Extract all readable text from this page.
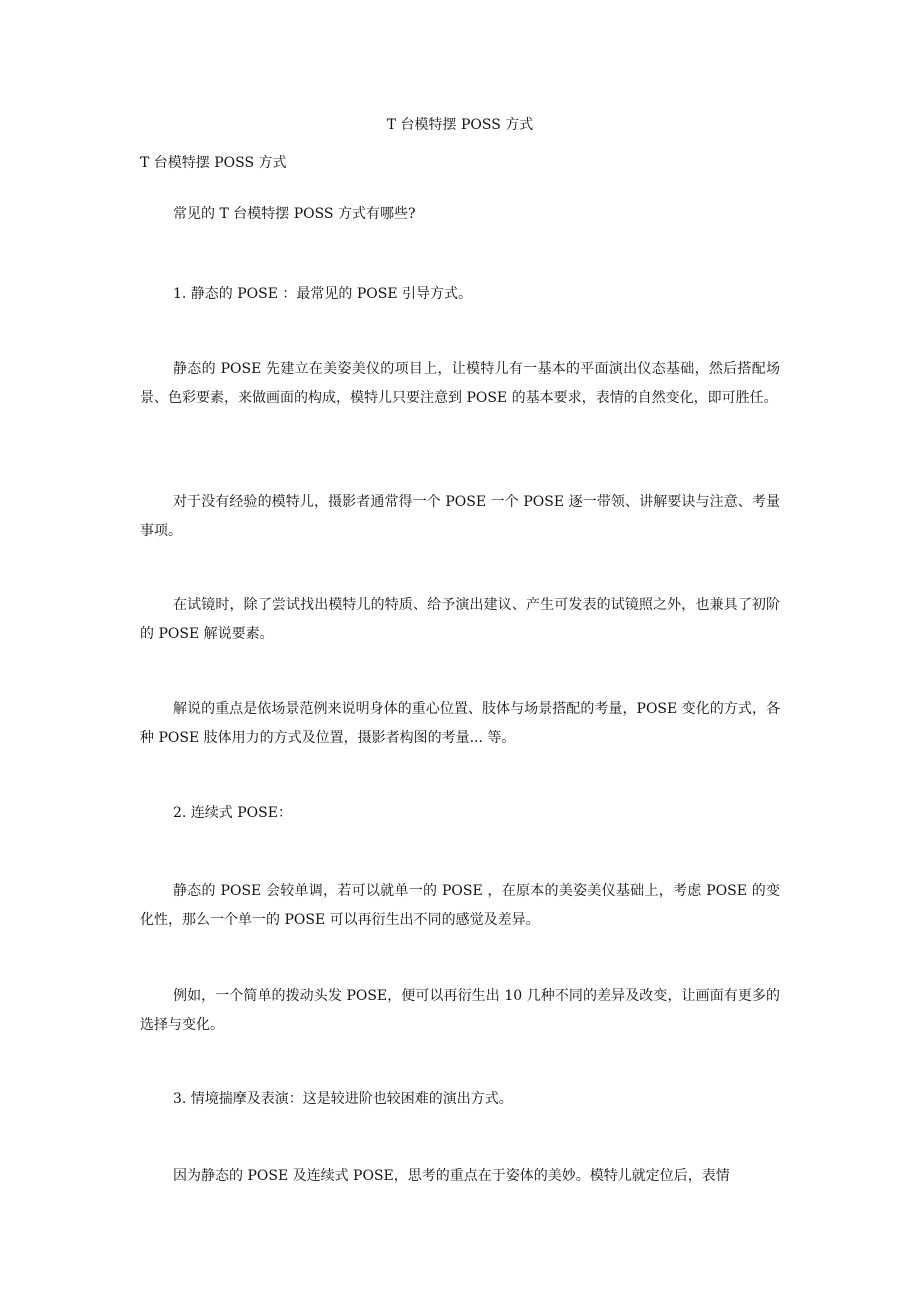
T 台模特摆 POSS 方式
T 台模特摆 POSS 方式
常见的 T 台模特摆 POSS 方式有哪些?
1. 静态的 POSE ：最常见的 POSE 引导方式。
静态的 POSE 先建立在美姿美仪的项目上，让模特儿有一基本的平面演出仪态基础，然后搭配场景、色彩要素，来做画面的构成，模特儿只要注意到 POSE 的基本要求，表情的自然变化，即可胜任。
对于没有经验的模特儿，摄影者通常得一个 POSE 一个 POSE 逐一带领、讲解要诀与注意、考量事项。
在试镜时，除了尝试找出模特儿的特质、给予演出建议、产生可发表的试镜照之外，也兼具了初阶的 POSE 解说要素。
解说的重点是依场景范例来说明身体的重心位置、肢体与场景搭配的考量，POSE 变化的方式，各种 POSE 肢体用力的方式及位置，摄影者构图的考量... 等。
2. 连续式 POSE：
静态的 POSE 会较单调，若可以就单一的 POSE ，在原本的美姿美仪基础上，考虑 POSE 的变化性，那么一个单一的 POSE 可以再衍生出不同的感觉及差异。
例如，一个简单的拨动头发 POSE，便可以再衍生出 10 几种不同的差异及改变，让画面有更多的选择与变化。
3. 情境揣摩及表演：这是较进阶也较困难的演出方式。
因为静态的 POSE 及连续式 POSE，思考的重点在于姿体的美妙。模特儿就定位后，表情
